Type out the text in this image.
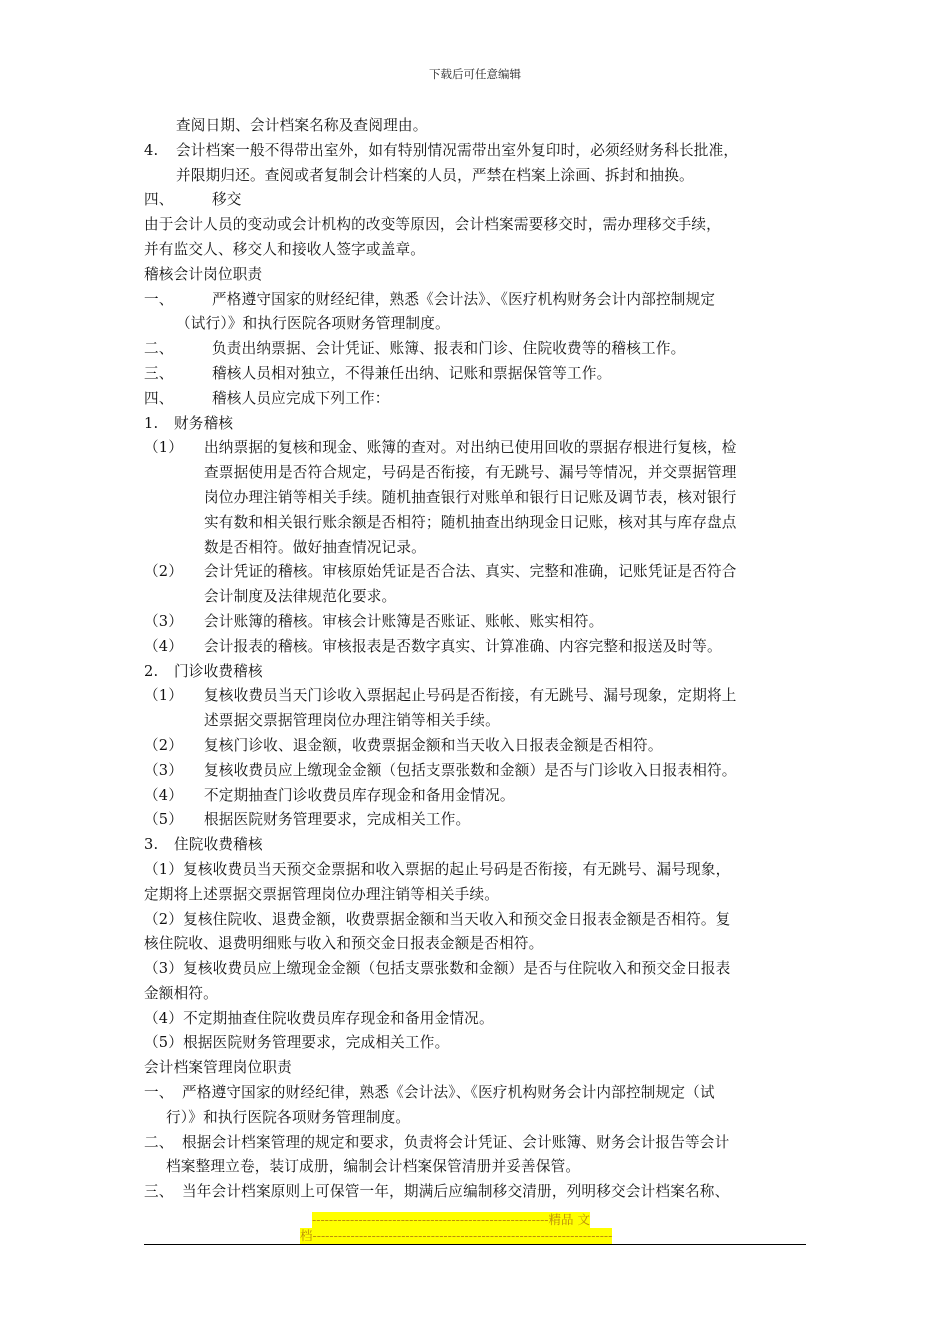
下载后可任意编辑
查阅日期、会计档案名称及查阅理由。
4. 会计档案一般不得带出室外，如有特别情况需带出室外复印时，必须经财务科长批准，
并限期归还。查阅或者复制会计档案的人员，严禁在档案上涂画、拆封和抽换。
四、	移交
由于会计人员的变动或会计机构的改变等原因，会计档案需要移交时，需办理移交手续，
并有监交人、移交人和接收人签字或盖章。
稽核会计岗位职责
一、	严格遵守国家的财经纪律，熟悉《会计法》、《医疗机构财务会计内部控制规定
（试行）》和执行医院各项财务管理制度。
二、	负责出纳票据、会计凭证、账簿、报表和门诊、住院收费等的稽核工作。
三、	稽核人员相对独立，不得兼任出纳、记账和票据保管等工作。
四、	稽核人员应完成下列工作：
1. 财务稽核
（1） 出纳票据的复核和现金、账簿的查对。对出纳已使用回收的票据存根进行复核，检
查票据使用是否符合规定，号码是否衔接，有无跳号、漏号等情况，并交票据管理
岗位办理注销等相关手续。随机抽查银行对账单和银行日记账及调节表，核对银行
实有数和相关银行账余额是否相符；随机抽查出纳现金日记账，核对其与库存盘点
数是否相符。做好抽查情况记录。
（2） 会计凭证的稽核。审核原始凭证是否合法、真实、完整和准确，记账凭证是否符合
会计制度及法律规范化要求。
（3） 会计账簿的稽核。审核会计账簿是否账证、账帐、账实相符。
（4） 会计报表的稽核。审核报表是否数字真实、计算准确、内容完整和报送及时等。
2. 门诊收费稽核
（1） 复核收费员当天门诊收入票据起止号码是否衔接，有无跳号、漏号现象，定期将上
述票据交票据管理岗位办理注销等相关手续。
（2） 复核门诊收、退金额，收费票据金额和当天收入日报表金额是否相符。
（3） 复核收费员应上缴现金金额（包括支票张数和金额）是否与门诊收入日报表相符。
（4） 不定期抽查门诊收费员库存现金和备用金情况。
（5） 根据医院财务管理要求，完成相关工作。
3. 住院收费稽核
（1）复核收费员当天预交金票据和收入票据的起止号码是否衔接，有无跳号、漏号现象，
定期将上述票据交票据管理岗位办理注销等相关手续。
（2）复核住院收、退费金额，收费票据金额和当天收入和预交金日报表金额是否相符。复
核住院收、退费明细账与收入和预交金日报表金额是否相符。
（3）复核收费员应上缴现金金额（包括支票张数和金额）是否与住院收入和预交金日报表
金额相符。
（4）不定期抽查住院收费员库存现金和备用金情况。
（5）根据医院财务管理要求，完成相关工作。
会计档案管理岗位职责
一、 严格遵守国家的财经纪律，熟悉《会计法》、《医疗机构财务会计内部控制规定（试
行）》和执行医院各项财务管理制度。
二、 根据会计档案管理的规定和要求，负责将会计凭证、会计账簿、财务会计报告等会计
档案整理立卷，装订成册，编制会计档案保管清册并妥善保管。
三、 当年会计档案原则上可保管一年，期满后应编制移交清册，列明移交会计档案名称、
--------------------------------------------------------精品 文
档-----------------------------------------------------------------------
